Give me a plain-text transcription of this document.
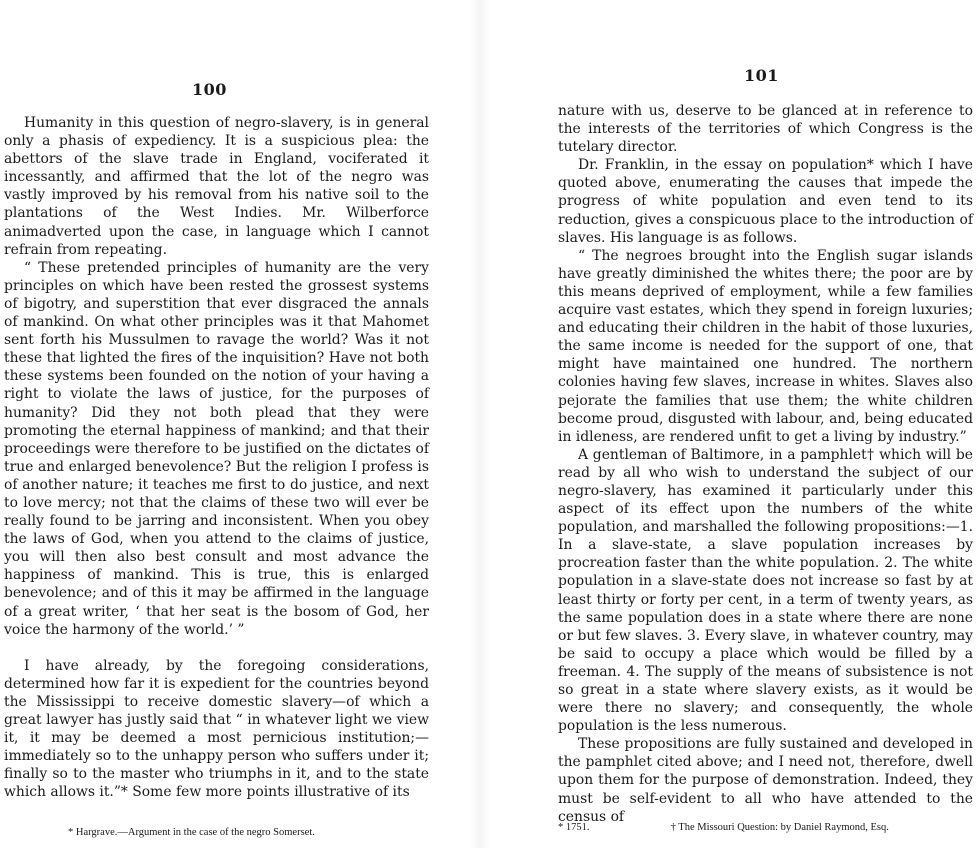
100

Humanity in this question of negro-slavery, is in general only a phasis of expediency. It is a suspicious plea: the abettors of the slave trade in England, vociferated it incessantly, and affirmed that the lot of the negro was vastly improved by his removal from his native soil to the plantations of the West Indies. Mr. Wilberforce animadverted upon the case, in language which I cannot refrain from repeating.

“ These pretended principles of humanity are the very principles on which have been rested the grossest systems of bigotry, and superstition that ever disgraced the annals of mankind. On what other principles was it that Mahomet sent forth his Mussulmen to ravage the world? Was it not these that lighted the fires of the inquisition? Have not both these systems been founded on the notion of your having a right to violate the laws of justice, for the purposes of humanity? Did they not both plead that they were promoting the eternal happiness of mankind; and that their proceedings were therefore to be justified on the dictates of true and enlarged benevolence? But the religion I profess is of another nature; it teaches me first to do justice, and next to love mercy; not that the claims of these two will ever be really found to be jarring and inconsistent. When you obey the laws of God, when you attend to the claims of justice, you will then also best consult and most advance the happiness of mankind. This is true, this is enlarged benevolence; and of this it may be affirmed in the language of a great writer, ‘ that her seat is the bosom of God, her voice the harmony of the world.’ ”

I have already, by the foregoing considerations, determined how far it is expedient for the countries beyond the Mississippi to receive domestic slavery—of which a great lawyer has justly said that “ in whatever light we view it, it may be deemed a most pernicious institution;—immediately so to the unhappy person who suffers under it; finally so to the master who triumphs in it, and to the state which allows it.”* Some few more points illustrative of its

* Hargrave.—Argument in the case of the negro Somerset.
101

nature with us, deserve to be glanced at in reference to the interests of the territories of which Congress is the tutelary director.

Dr. Franklin, in the essay on population* which I have quoted above, enumerating the causes that impede the progress of white population and even tend to its reduction, gives a conspicuous place to the introduction of slaves. His language is as follows.

“ The negroes brought into the English sugar islands have greatly diminished the whites there; the poor are by this means deprived of employment, while a few families acquire vast estates, which they spend in foreign luxuries; and educating their children in the habit of those luxuries, the same income is needed for the support of one, that might have maintained one hundred. The northern colonies having few slaves, increase in whites. Slaves also pejorate the families that use them; the white children become proud, disgusted with labour, and, being educated in idleness, are rendered unfit to get a living by industry.”

A gentleman of Baltimore, in a pamphlet† which will be read by all who wish to understand the subject of our negro-slavery, has examined it particularly under this aspect of its effect upon the numbers of the white population, and marshalled the following propositions:—1. In a slave-state, a slave population increases by procreation faster than the white population. 2. The white population in a slave-state does not increase so fast by at least thirty or forty per cent, in a term of twenty years, as the same population does in a state where there are none or but few slaves. 3. Every slave, in whatever country, may be said to occupy a place which would be filled by a freeman. 4. The supply of the means of subsistence is not so great in a state where slavery exists, as it would be were there no slavery; and consequently, the whole population is the less numerous.

These propositions are fully sustained and developed in the pamphlet cited above; and I need not, therefore, dwell upon them for the purpose of demonstration. Indeed, they must be self-evident to all who have attended to the census of

* 1751.	† The Missouri Question: by Daniel Raymond, Esq.
